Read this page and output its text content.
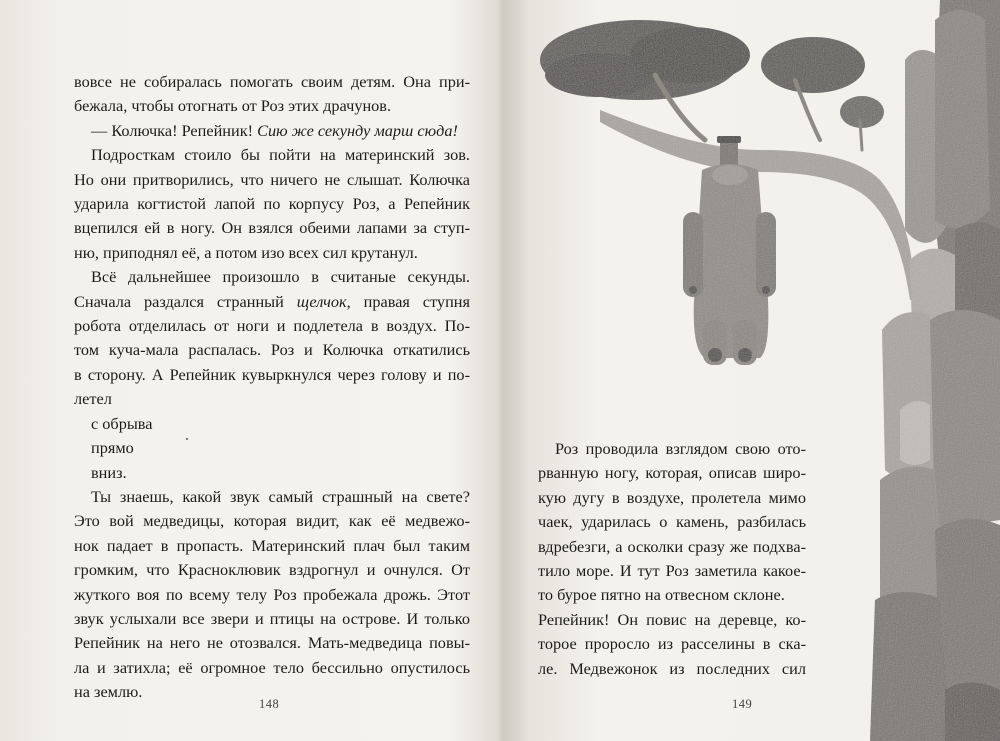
вовсе не собиралась помогать своим детям. Она при-
бежала, чтобы отогнать от Роз этих драчунов.
— Колючка! Репейник! Сию же секунду марш сюда!
Подросткам стоило бы пойти на материнский зов.
Но они притворились, что ничего не слышат. Колючка
ударила когтистой лапой по корпусу Роз, а Репейник
вцепился ей в ногу. Он взялся обеими лапами за ступ-
ню, приподнял её, а потом изо всех сил крутанул.
Всё дальнейшее произошло в считаные секунды.
Сначала раздался странный щелчок, правая ступня
робота отделилась от ноги и подлетела в воздух. По-
том куча-мала распалась. Роз и Колючка откатились
в сторону. А Репейник кувыркнулся через голову и по-
летел
с обрыва
прямо
вниз.
Ты знаешь, какой звук самый страшный на свете?
Это вой медведицы, которая видит, как её медвежо-
нок падает в пропасть. Материнский плач был таким
громким, что Красноклювик вздрогнул и очнулся. От
жуткого воя по всему телу Роз пробежала дрожь. Этот
звук услыхали все звери и птицы на острове. И только
Репейник на него не отозвался. Мать-медведица повы-
ла и затихла; её огромное тело бессильно опустилось
на землю.
148	149
Роз проводила взглядом свою ото-
рванную ногу, которая, описав широ-
кую дугу в воздухе, пролетела мимо
чаек, ударилась о камень, разбилась
вдребезги, а осколки сразу же подхва-
тило море. И тут Роз заметила какое-
то бурое пятно на отвесном склоне.
Репейник! Он повис на деревце, ко-
торое проросло из расселины в ска-
ле. Медвежонок из последних сил
